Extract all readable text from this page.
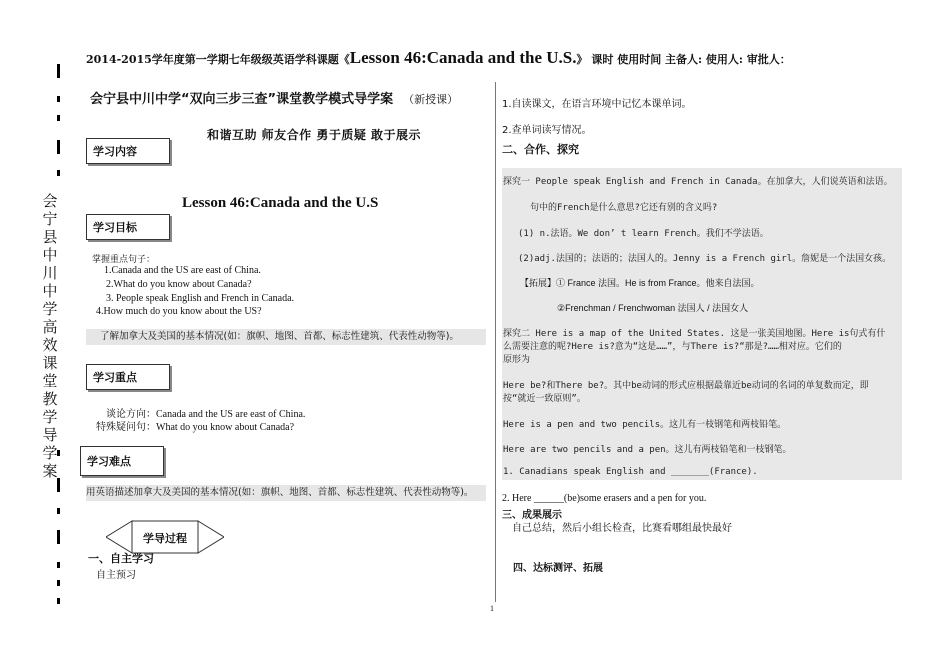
2014-2015学年度第一学期七年级级英语学科课题《Lesson 46:Canada and the U.S.》 课时 使用时间 主备人: 使用人: 审批人：
会
宁
县
中
川
中
学
高
效
课
堂
教
学
导
学
案
会宁县中川中学“双向三步三查”课堂教学模式导学案 （新授课）
学习内容
和谐互助 师友合作 勇于质疑 敢于展示
Lesson 46:Canada and the U.S
学习目标
掌握重点句子：
1.Canada and the US are east of China.
2.What do you know about Canada?
3. People speak English and French in Canada.
4.How much do you know about the US?
了解加拿大及美国的基本情况(如：旗帜、地图、首都、标志性建筑、代表性动物等)。
学习重点
谈论方向：Canada and the US are east of China.
特殊疑问句：What do you know about Canada?
学习难点
用英语描述加拿大及美国的基本情况(如：旗帜、地图、首都、标志性建筑、代表性动物等)。
学导过程
一、自主学习
自主预习
1.自读课文，在语言环境中记忆本课单词。
2.查单词读写情况。
二、合作、探究
探究一 People speak English and French in Canada。在加拿大，人们说英语和法语。
句中的French是什么意思?它还有别的含义吗?
(1) n.法语。We don’ t learn French。我们不学法语。
(2)adj.法国的；法语的；法国人的。Jenny is a French girl。詹妮是一个法国女孩。
【拓展】① France 法国。He is from France。他来自法国。
②Frenchman / Frenchwoman 法国人 / 法国女人
探究二 Here is a map of the United States. 这是一张美国地图。Here is句式有什
么需要注意的呢?Here is?意为“这是……”，与There is?“那是?……相对应。它们的
原形为
Here be?和There be?。其中be动词的形式应根据最靠近be动词的名词的单复数而定，即
按“就近一致原则”。
Here is a pen and two pencils。这儿有一枝钢笔和两枝铅笔。
Here are two pencils and a pen。这儿有两枝铅笔和一枝钢笔。
1. Canadians speak English and _______(France).
2. Here ______(be)some erasers and a pen for you.
三、成果展示
自己总结，然后小组长检查，比赛看哪组最快最好
四、达标测评、拓展
1
